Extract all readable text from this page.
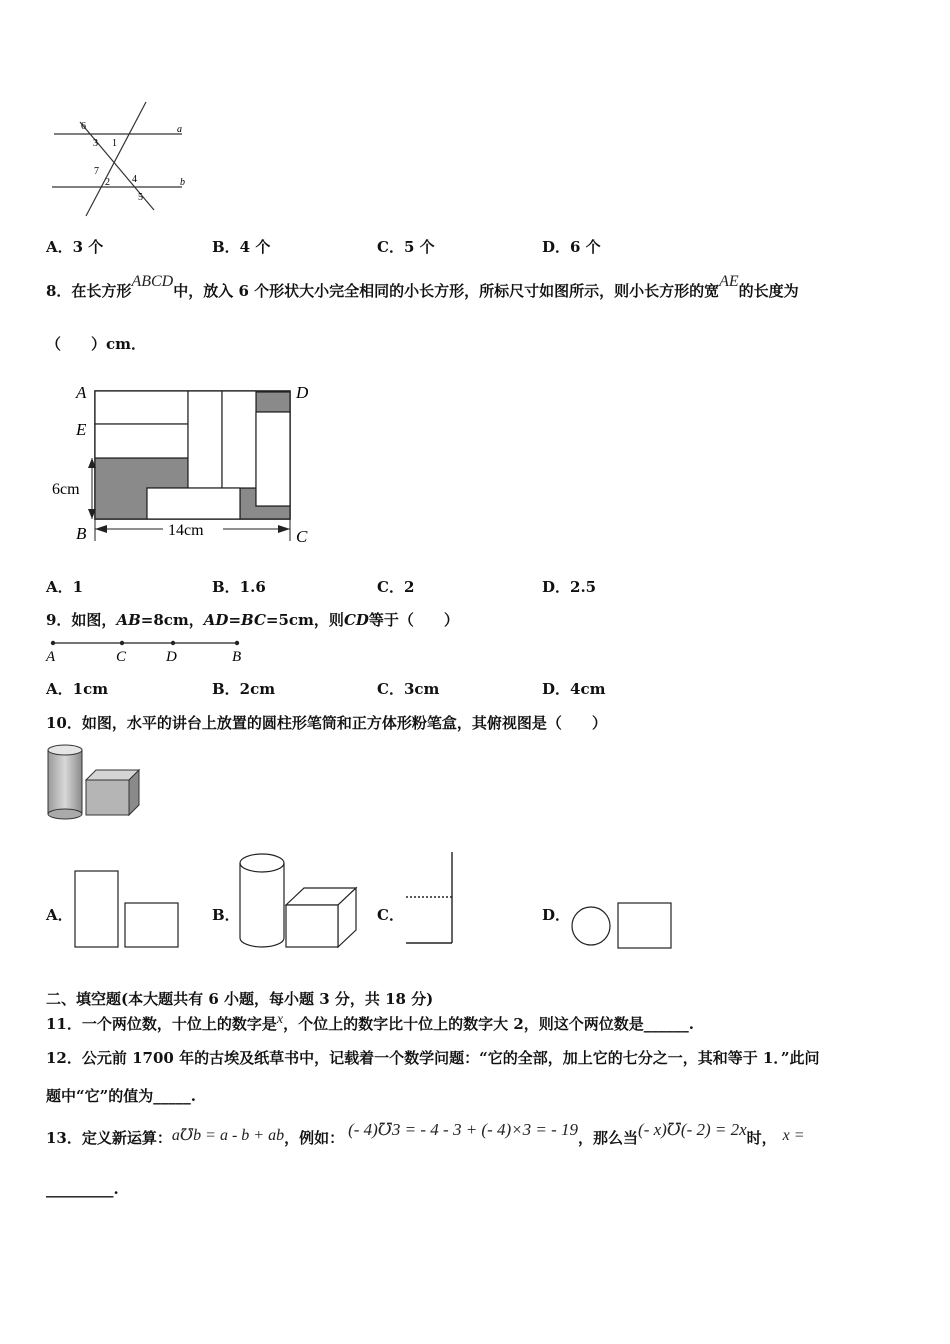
6
3 1
a
7
2 4
5
b
A．3 个	B．4 个	C．5 个	D．6 个
8．在长方形ABCD中，放入 6 个形状大小完全相同的小长方形，所标尺寸如图所示，则小长方形的宽AE的长度为
（　　）cm．
A	D
E
6cm
B	C
14cm
A．1	B．1.6	C．2	D．2.5
9．如图，AB=8cm，AD=BC=5cm，则CD等于（　　）
A	C	D	B
A．1cm	B．2cm	C．3cm	D．4cm
10．如图，水平的讲台上放置的圆柱形笔筒和正方体形粉笔盒，其俯视图是（　　）
A．	B．	C．	D．
二、填空题(本大题共有 6 小题，每小题 3 分，共 18 分)
11．一个两位数，十位上的数字是x，个位上的数字比十位上的数字大 2，则这个两位数是______.
12．公元前 1700 年的古埃及纸草书中，记载着一个数学问题：“它的全部，加上它的七分之一，其和等于 1．”此问
题中“它”的值为_____.
13．定义新运算：a℧b = a - b + ab，例如： (- 4)℧3 = - 4 - 3 + (- 4)×3 = - 19，那么当(- x)℧(- 2) = 2x时， x =
_________.
